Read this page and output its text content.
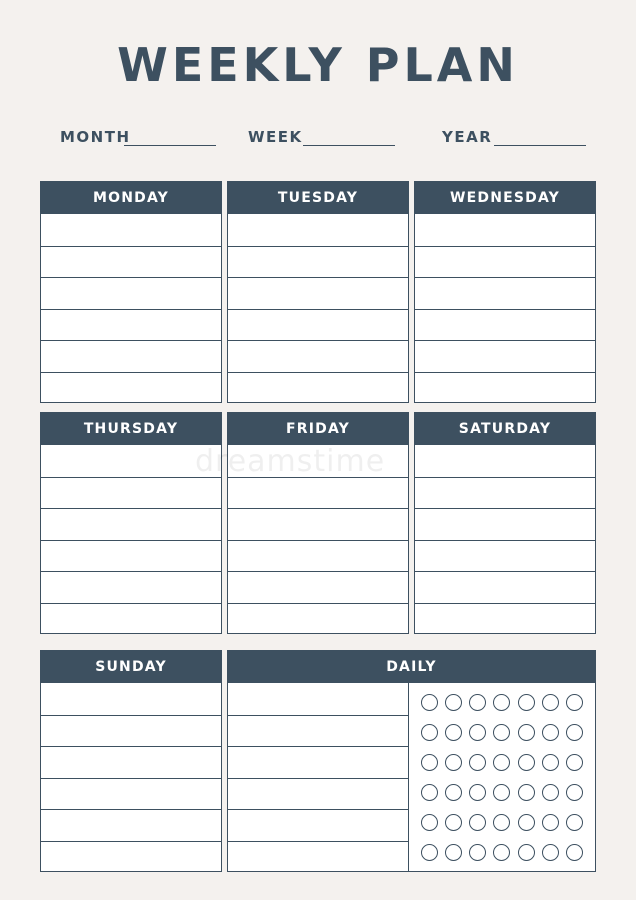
WEEKLY PLAN
MONTH	WEEK	YEAR
MONDAY	TUESDAY	WEDNESDAY
THURSDAY	FRIDAY	SATURDAY
SUNDAY	DAILY
